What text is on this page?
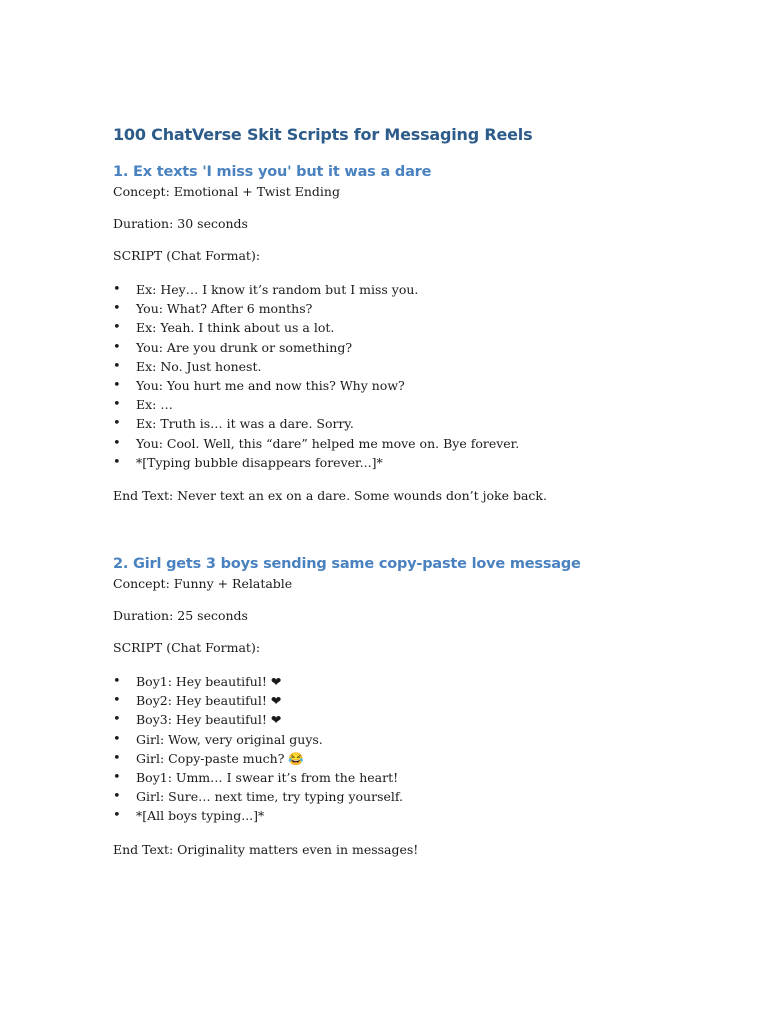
100 ChatVerse Skit Scripts for Messaging Reels
1. Ex texts 'I miss you' but it was a dare

Concept: Emotional + Twist Ending

Duration: 30 seconds

SCRIPT (Chat Format):

• Ex: Hey… I know it’s random but I miss you.
• You: What? After 6 months?
• Ex: Yeah. I think about us a lot.
• You: Are you drunk or something?
• Ex: No. Just honest.
• You: You hurt me and now this? Why now?
• Ex: …
• Ex: Truth is… it was a dare. Sorry.
• You: Cool. Well, this “dare” helped me move on. Bye forever.
• *[Typing bubble disappears forever...]*

End Text: Never text an ex on a dare. Some wounds don’t joke back.

2. Girl gets 3 boys sending same copy-paste love message

Concept: Funny + Relatable

Duration: 25 seconds

SCRIPT (Chat Format):

• Boy1: Hey beautiful! ❤
• Boy2: Hey beautiful! ❤
• Boy3: Hey beautiful! ❤
• Girl: Wow, very original guys.
• Girl: Copy-paste much? 😂
• Boy1: Umm… I swear it’s from the heart!
• Girl: Sure… next time, try typing yourself.
• *[All boys typing...]*

End Text: Originality matters even in messages!
